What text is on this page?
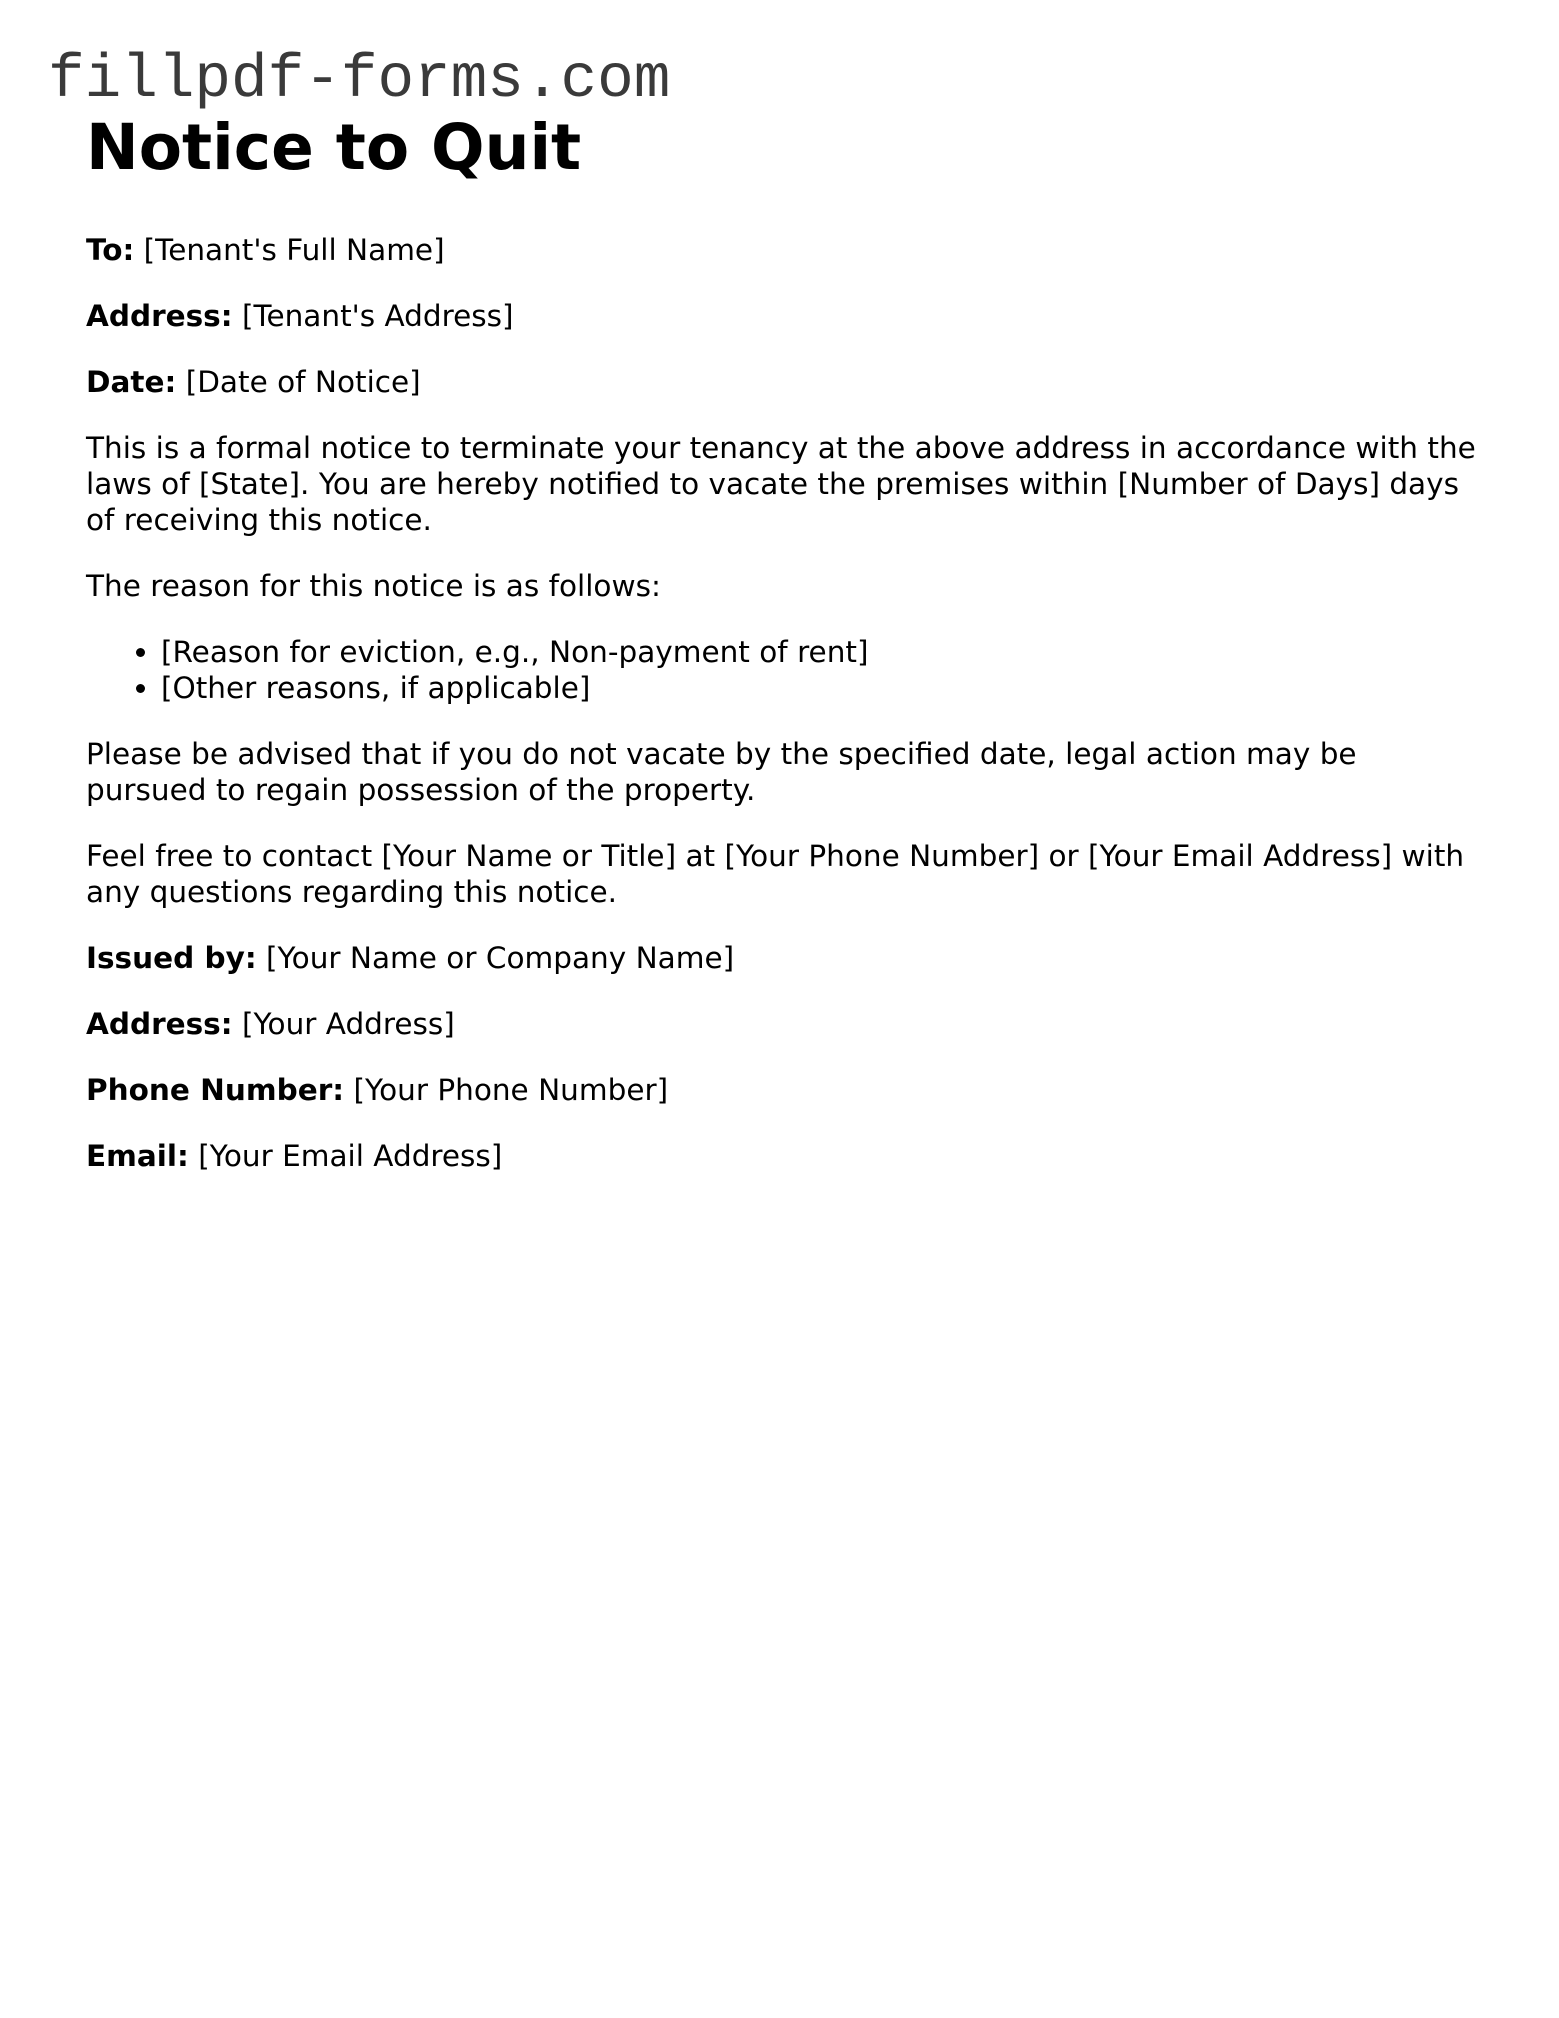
fillpdf-forms.com
Notice to Quit

To: [Tenant's Full Name]

Address: [Tenant's Address]

Date: [Date of Notice]

This is a formal notice to terminate your tenancy at the above address in accordance with the laws of [State]. You are hereby notified to vacate the premises within [Number of Days] days of receiving this notice.

The reason for this notice is as follows:

• [Reason for eviction, e.g., Non-payment of rent]
• [Other reasons, if applicable]

Please be advised that if you do not vacate by the specified date, legal action may be pursued to regain possession of the property.

Feel free to contact [Your Name or Title] at [Your Phone Number] or [Your Email Address] with any questions regarding this notice.

Issued by: [Your Name or Company Name]

Address: [Your Address]

Phone Number: [Your Phone Number]

Email: [Your Email Address]
